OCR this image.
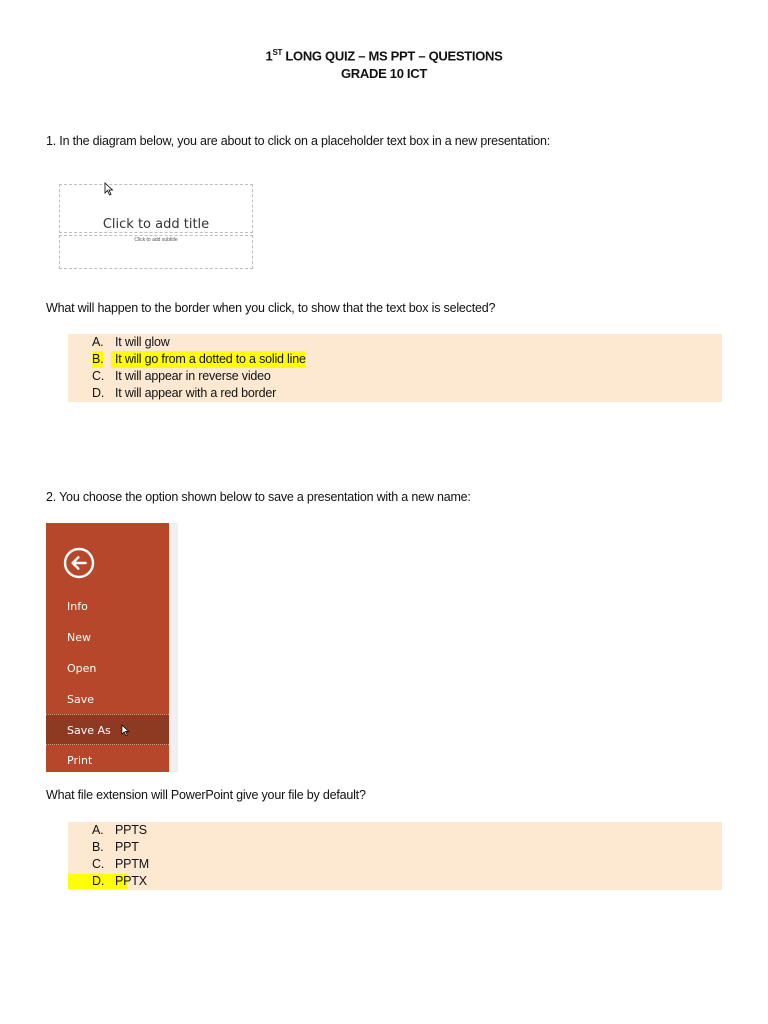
1ST LONG QUIZ – MS PPT – QUESTIONS
GRADE 10 ICT
1. In the diagram below, you are about to click on a placeholder text box in a new presentation:
Click to add title
Click to add subtitle
What will happen to the border when you click, to show that the text box is selected?
A. It will glow
B. It will go from a dotted to a solid line
C. It will appear in reverse video
D. It will appear with a red border
2. You choose the option shown below to save a presentation with a new name:
Info
New
Open
Save
Save As
Print
What file extension will PowerPoint give your file by default?
A. PPTS
B. PPT
C. PPTM
D. PPTX
